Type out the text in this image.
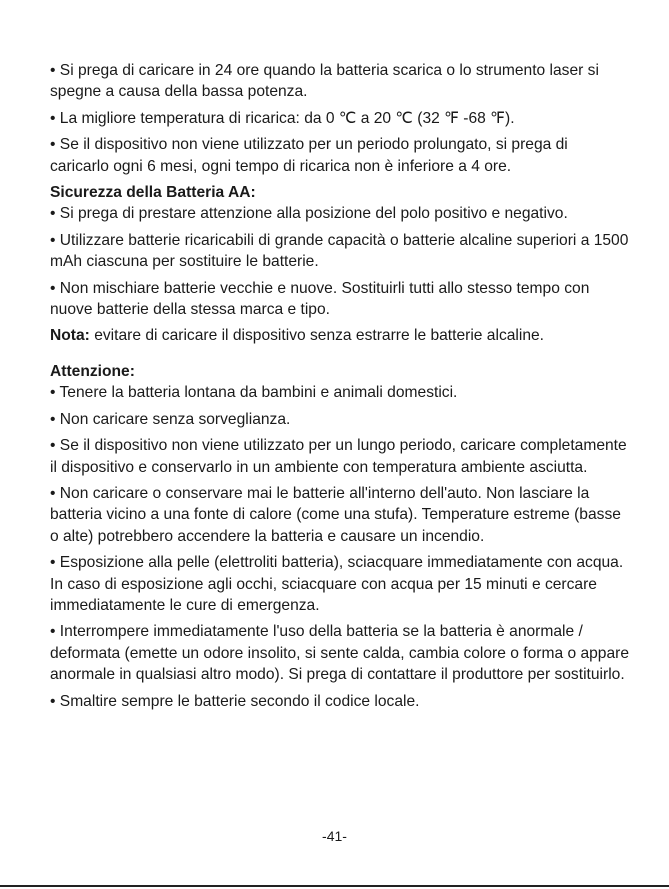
• Si prega di caricare in 24 ore quando la batteria scarica o lo strumento laser si spegne a causa della bassa potenza.

• La migliore temperatura di ricarica: da 0 ℃ a 20 ℃ (32 ℉ -68 ℉).

• Se il dispositivo non viene utilizzato per un periodo prolungato, si prega di caricarlo ogni 6 mesi, ogni tempo di ricarica non è inferiore a 4 ore.

Sicurezza della Batteria AA:

• Si prega di prestare attenzione alla posizione del polo positivo e negativo.

• Utilizzare batterie ricaricabili di grande capacità o batterie alcaline superiori a 1500 mAh ciascuna per sostituire le batterie.

• Non mischiare batterie vecchie e nuove. Sostituirli tutti allo stesso tempo con nuove batterie della stessa marca e tipo.

Nota: evitare di caricare il dispositivo senza estrarre le batterie alcaline.

Attenzione:

• Tenere la batteria lontana da bambini e animali domestici.

• Non caricare senza sorveglianza.

• Se il dispositivo non viene utilizzato per un lungo periodo, caricare completamente il dispositivo e conservarlo in un ambiente con temperatura ambiente asciutta.

• Non caricare o conservare mai le batterie all'interno dell'auto. Non lasciare la batteria vicino a una fonte di calore (come una stufa). Temperature estreme (basse o alte) potrebbero accendere la batteria e causare un incendio.

• Esposizione alla pelle (elettroliti batteria), sciacquare immediatamente con acqua. In caso di esposizione agli occhi, sciacquare con acqua per 15 minuti e cercare immediatamente le cure di emergenza.

• Interrompere immediatamente l'uso della batteria se la batteria è anormale / deformata (emette un odore insolito, si sente calda, cambia colore o forma o appare anormale in qualsiasi altro modo). Si prega di contattare il produttore per sostituirlo.

• Smaltire sempre le batterie secondo il codice locale.

-41-
